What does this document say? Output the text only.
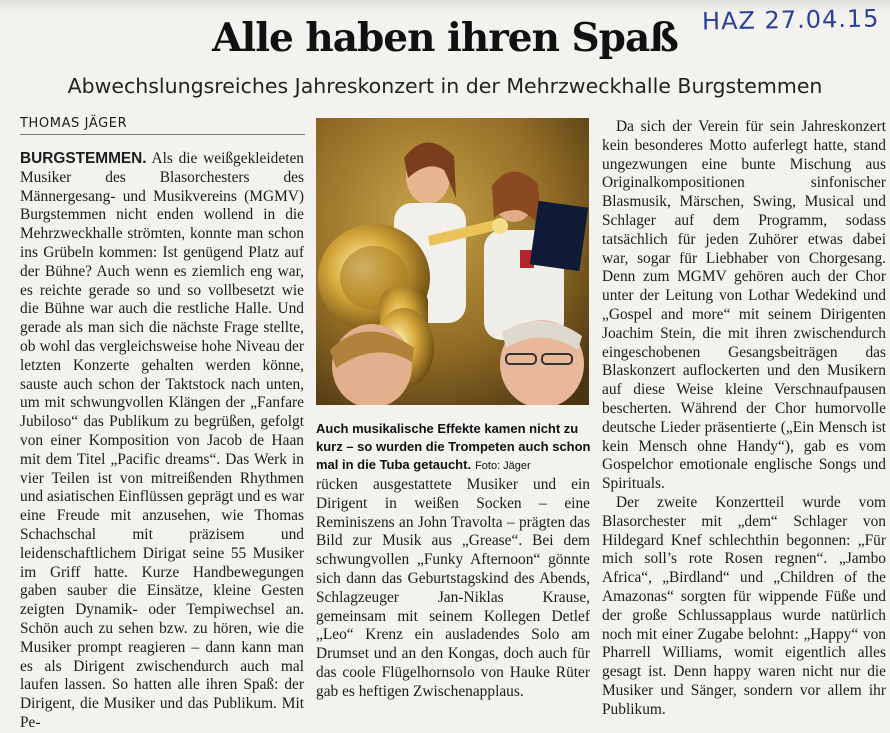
Alle haben ihren Spaß HAZ 27.04.15
Abwechslungsreiches Jahreskonzert in der Mehrzweckhalle Burgstemmen
THOMAS JÄGER

BURGSTEMMEN. Als die weißgekleideten Musiker des Blasorchesters des Männergesang- und Musikvereins (MGMV) Burgstemmen nicht enden wollend in die Mehrzweckhalle strömten, konnte man schon ins Grübeln kommen: Ist genügend Platz auf der Bühne? Auch wenn es ziemlich eng war, es reichte gerade so und so vollbesetzt wie die Bühne war auch die restliche Halle. Und gerade als man sich die nächste Frage stellte, ob wohl das vergleichsweise hohe Niveau der letzten Konzerte gehalten werden könne, sauste auch schon der Taktstock nach unten, um mit schwungvollen Klängen der „Fanfare Jubiloso“ das Publikum zu begrüßen, gefolgt von einer Komposition von Jacob de Haan mit dem Titel „Pacific dreams“. Das Werk in vier Teilen ist von mitreißenden Rhythmen und asiatischen Einflüssen geprägt und es war eine Freude mit anzusehen, wie Thomas Schachschal mit präzisem und leidenschaftlichem Dirigat seine 55 Musiker im Griff hatte. Kurze Handbewegungen gaben sauber die Einsätze, kleine Gesten zeigten Dynamik- oder Tempiwechsel an. Schön auch zu sehen bzw. zu hören, wie die Musiker prompt reagieren – dann kann man es als Dirigent zwischendurch auch mal laufen lassen. So hatten alle ihren Spaß: der Dirigent, die Musiker und das Publikum. Mit Pe-

Auch musikalische Effekte kamen nicht zu kurz – so wurden die Trompeten auch schon mal in die Tuba getaucht. Foto: Jäger

rücken ausgestattete Musiker und ein Dirigent in weißen Socken – eine Reminiszens an John Travolta – prägten das Bild zur Musik aus „Grease“. Bei dem schwungvollen „Funky Afternoon“ gönnte sich dann das Geburtstagskind des Abends, Schlagzeuger Jan-Niklas Krause, gemeinsam mit seinem Kollegen Detlef „Leo“ Krenz ein ausladendes Solo am Drumset und an den Kongas, doch auch für das coole Flügelhornsolo von Hauke Rüter gab es heftigen Zwischenapplaus.

Da sich der Verein für sein Jahreskonzert kein besonderes Motto auferlegt hatte, stand ungezwungen eine bunte Mischung aus Originalkompositionen sinfonischer Blasmusik, Märschen, Swing, Musical und Schlager auf dem Programm, sodass tatsächlich für jeden Zuhörer etwas dabei war, sogar für Liebhaber von Chorgesang. Denn zum MGMV gehören auch der Chor unter der Leitung von Lothar Wedekind und „Gospel and more“ mit seinem Dirigenten Joachim Stein, die mit ihren zwischendurch eingeschobenen Gesangsbeiträgen das Blaskonzert auflockerten und den Musikern auf diese Weise kleine Verschnaufpausen bescherten. Während der Chor humorvolle deutsche Lieder präsentierte („Ein Mensch ist kein Mensch ohne Handy“), gab es vom Gospelchor emotionale englische Songs und Spirituals.

Der zweite Konzertteil wurde vom Blasorchester mit „dem“ Schlager von Hildegard Knef schlechthin begonnen: „Für mich soll’s rote Rosen regnen“. „Jambo Africa“, „Birdland“ und „Children of the Amazonas“ sorgten für wippende Füße und der große Schlussapplaus wurde natürlich noch mit einer Zugabe belohnt: „Happy“ von Pharrell Williams, womit eigentlich alles gesagt ist. Denn happy waren nicht nur die Musiker und Sänger, sondern vor allem ihr Publikum.
